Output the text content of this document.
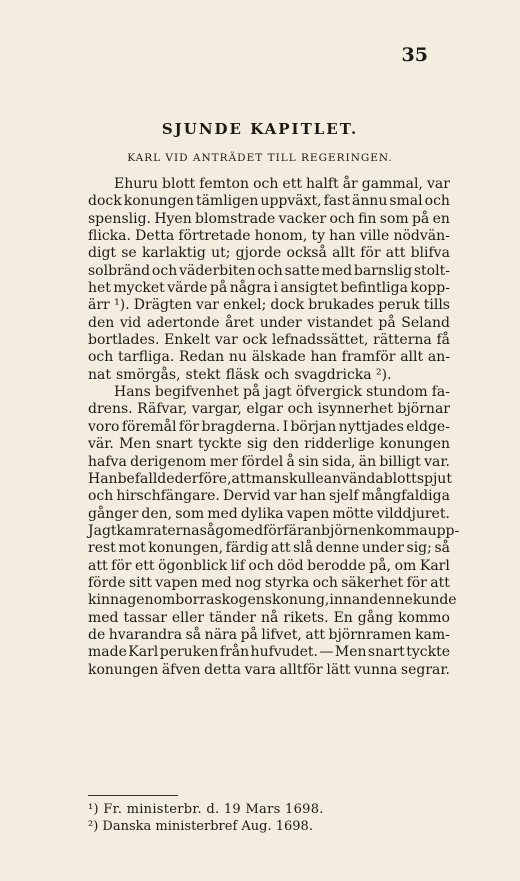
35
SJUNDE KAPITLET.
KARL VID ANTRÄDET TILL REGERINGEN.
Ehuru blott femton och ett halft år gammal, var
dock konungen tämligen uppväxt, fast ännu smal och
spenslig. Hyen blomstrade vacker och fin som på en
flicka. Detta förtretade honom, ty han ville nödvän-
digt se karlaktig ut; gjorde också allt för att blifva
solbränd och väderbiten och satte med barnslig stolt-
het mycket värde på några i ansigtet befintliga kopp-
ärr ¹). Drägten var enkel; dock brukades peruk tills
den vid adertonde året under vistandet på Seland
bortlades. Enkelt var ock lefnadssättet, rätterna få
och tarfliga. Redan nu älskade han framför allt an-
nat smörgås, stekt fläsk och svagdricka ²).
Hans begifvenhet på jagt öfvergick stundom fa-
drens. Räfvar, vargar, elgar och isynnerhet björnar
voro föremål för bragderna. I början nyttjades eldge-
vär. Men snart tyckte sig den ridderlige konungen
hafva derigenom mer fördel å sin sida, än billigt var.
Han befallde derföre, att man skulle använda blott spjut
och hirschfängare. Dervid var han sjelf mångfaldiga
gånger den, som med dylika vapen mötte vilddjuret.
Jagtkamraterna sågo med förfäran björnen komma upp-
rest mot konungen, färdig att slå denne under sig; så
att för ett ögonblick lif och död berodde på, om Karl
förde sitt vapen med nog styrka och säkerhet för att
kinna genomborra skogens konung, innan denne kunde
med tassar eller tänder nå rikets. En gång kommo
de hvarandra så nära på lifvet, att björnramen kam-
made Karl peruken från hufvudet. — Men snart tyckte
konungen äfven detta vara alltför lätt vunna segrar.
¹) Fr. ministerbr. d. 19 Mars 1698.
²) Danska ministerbref Aug. 1698.
